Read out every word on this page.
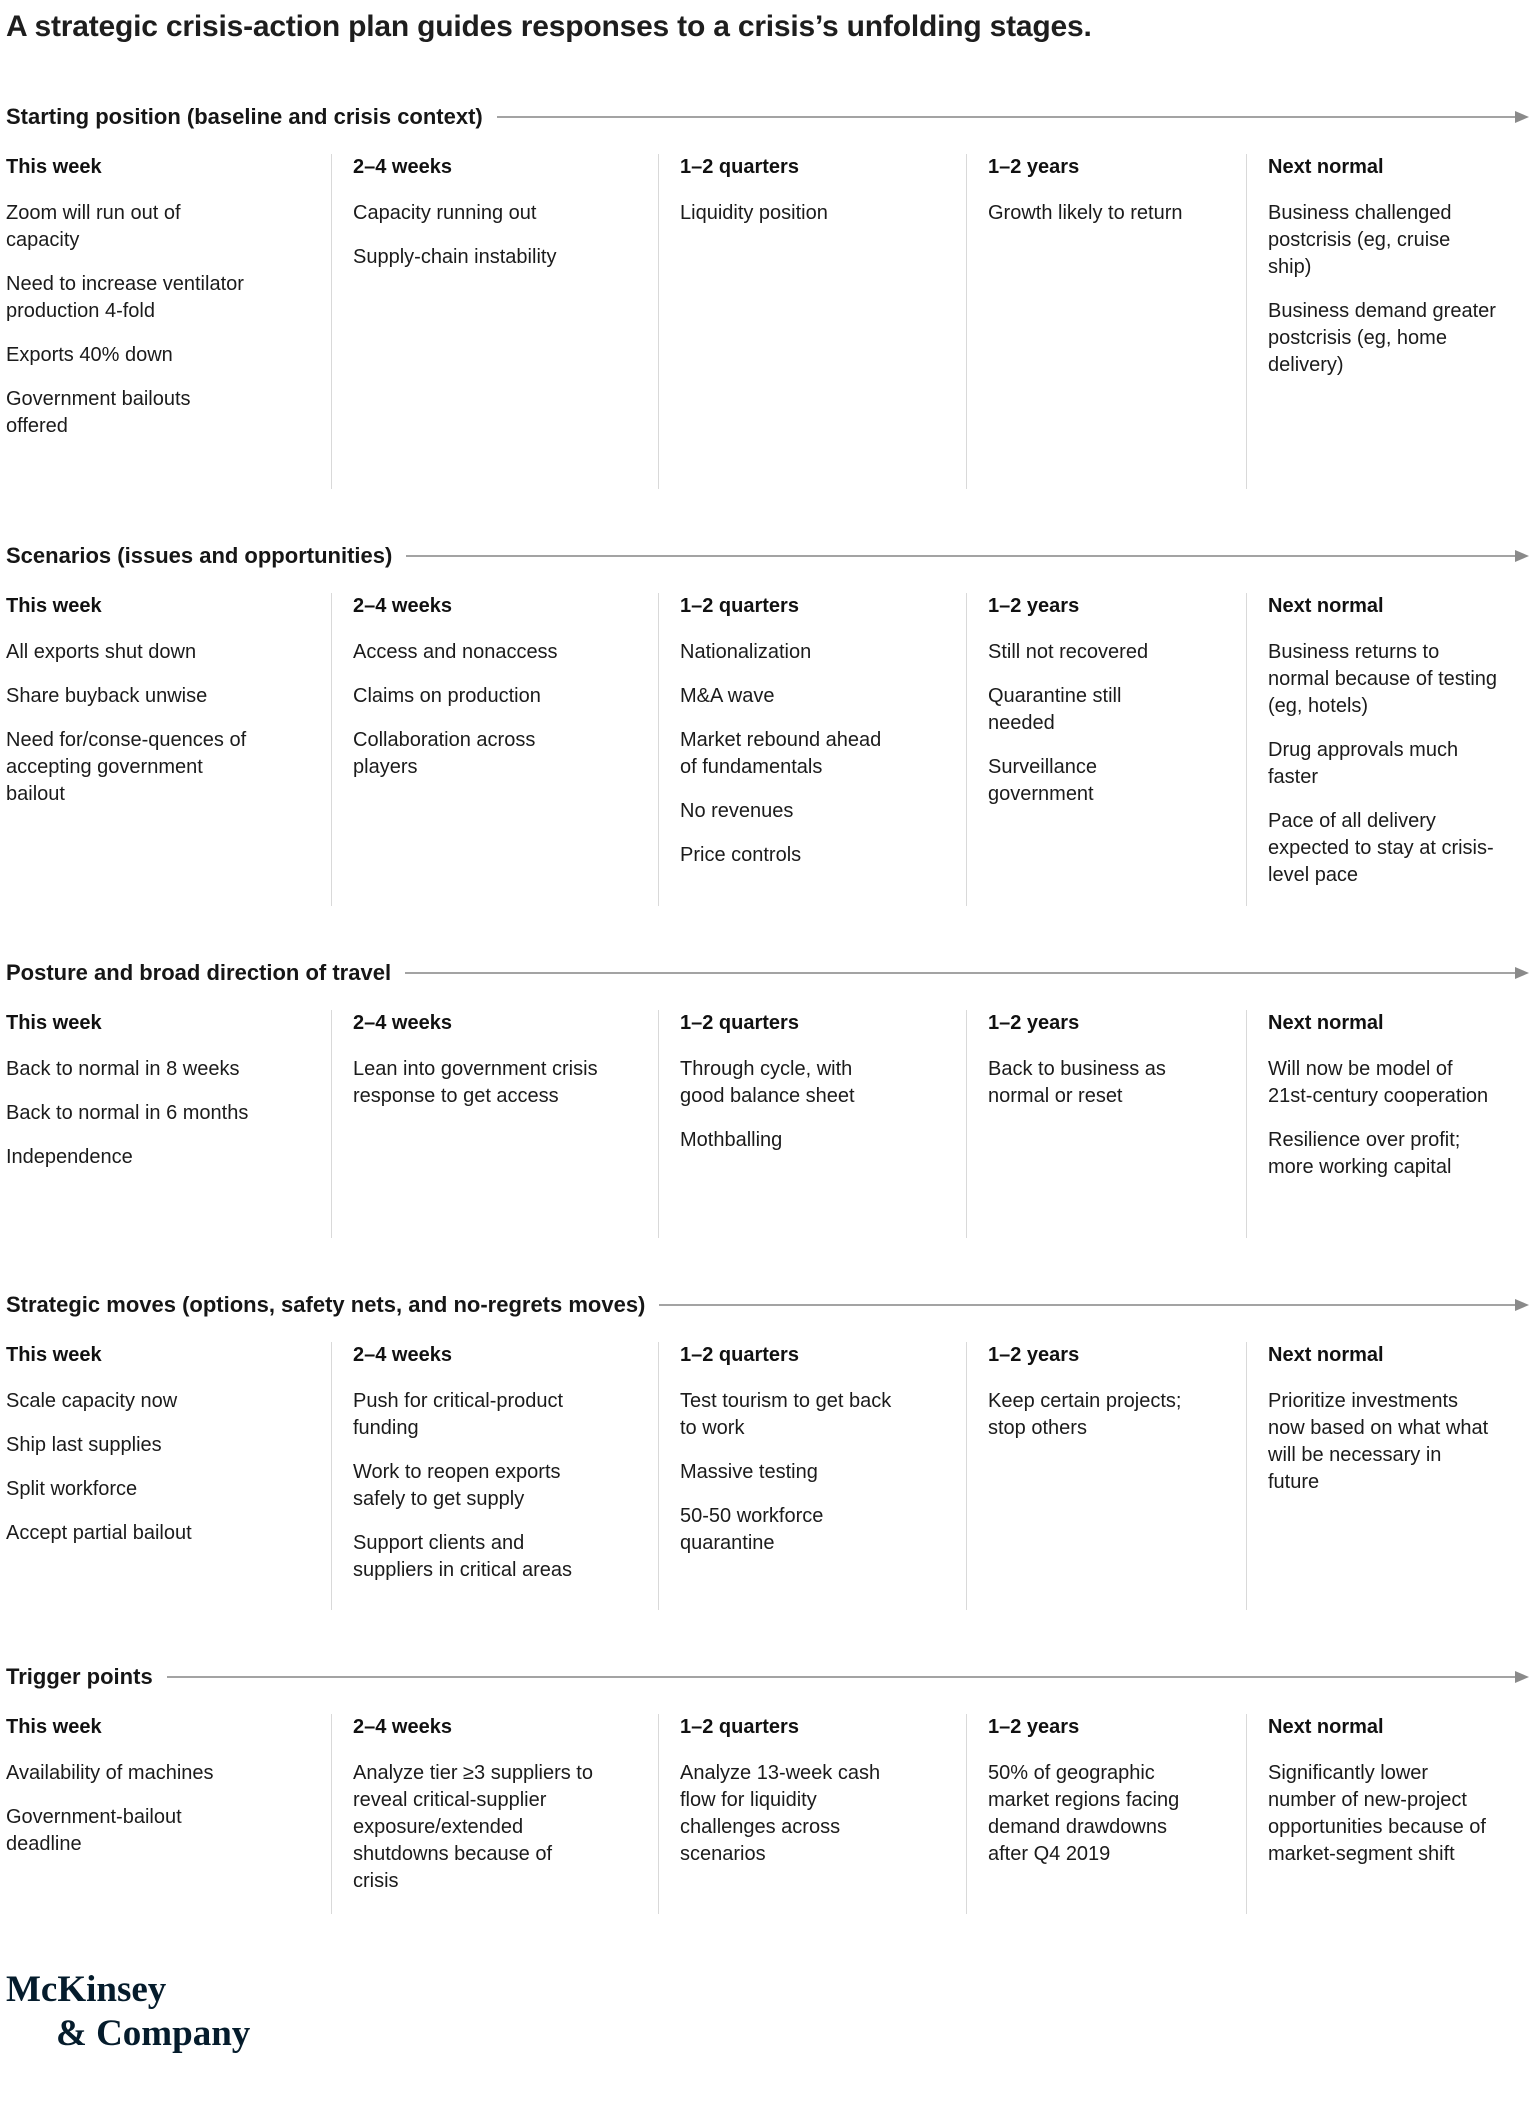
A strategic crisis-action plan guides responses to a crisis’s unfolding stages.
Starting position (baseline and crisis context)
This week

Zoom will run out of capacity

Need to increase ventilator production 4-fold

Exports 40% down

Government bailouts offered

2–4 weeks

Capacity running out

Supply-chain instability

1–2 quarters

Liquidity position

1–2 years

Growth likely to return

Next normal

Business challenged postcrisis (eg, cruise ship)

Business demand greater postcrisis (eg, home delivery)

Scenarios (issues and opportunities)
This week

All exports shut down

Share buyback unwise

Need for/conse-quences of accepting government bailout

2–4 weeks

Access and nonaccess

Claims on production

Collaboration across players

1–2 quarters

Nationalization

M&A wave

Market rebound ahead of fundamentals

No revenues

Price controls

1–2 years

Still not recovered

Quarantine still needed

Surveillance government

Next normal

Business returns to normal because of testing (eg, hotels)

Drug approvals much faster

Pace of all delivery expected to stay at crisis-level pace

Posture and broad direction of travel
This week

Back to normal in 8 weeks

Back to normal in 6 months

Independence

2–4 weeks

Lean into government crisis response to get access

1–2 quarters

Through cycle, with good balance sheet

Mothballing

1–2 years

Back to business as normal or reset

Next normal

Will now be model of 21st-century cooperation

Resilience over profit; more working capital

Strategic moves (options, safety nets, and no-regrets moves)
This week

Scale capacity now

Ship last supplies

Split workforce

Accept partial bailout

2–4 weeks

Push for critical-product funding

Work to reopen exports safely to get supply

Support clients and suppliers in critical areas

1–2 quarters

Test tourism to get back to work

Massive testing

50-50 workforce quarantine

1–2 years

Keep certain projects; stop others

Next normal

Prioritize investments now based on what what will be necessary in future

Trigger points
This week

Availability of machines

Government-bailout deadline

2–4 weeks

Analyze tier ≥3 suppliers to reveal critical-supplier exposure/extended shutdowns because of crisis

1–2 quarters

Analyze 13-week cash flow for liquidity challenges across scenarios

1–2 years

50% of geographic market regions facing demand drawdowns after Q4 2019

Next normal

Significantly lower number of new-project opportunities because of market-segment shift

McKinsey
& Company
